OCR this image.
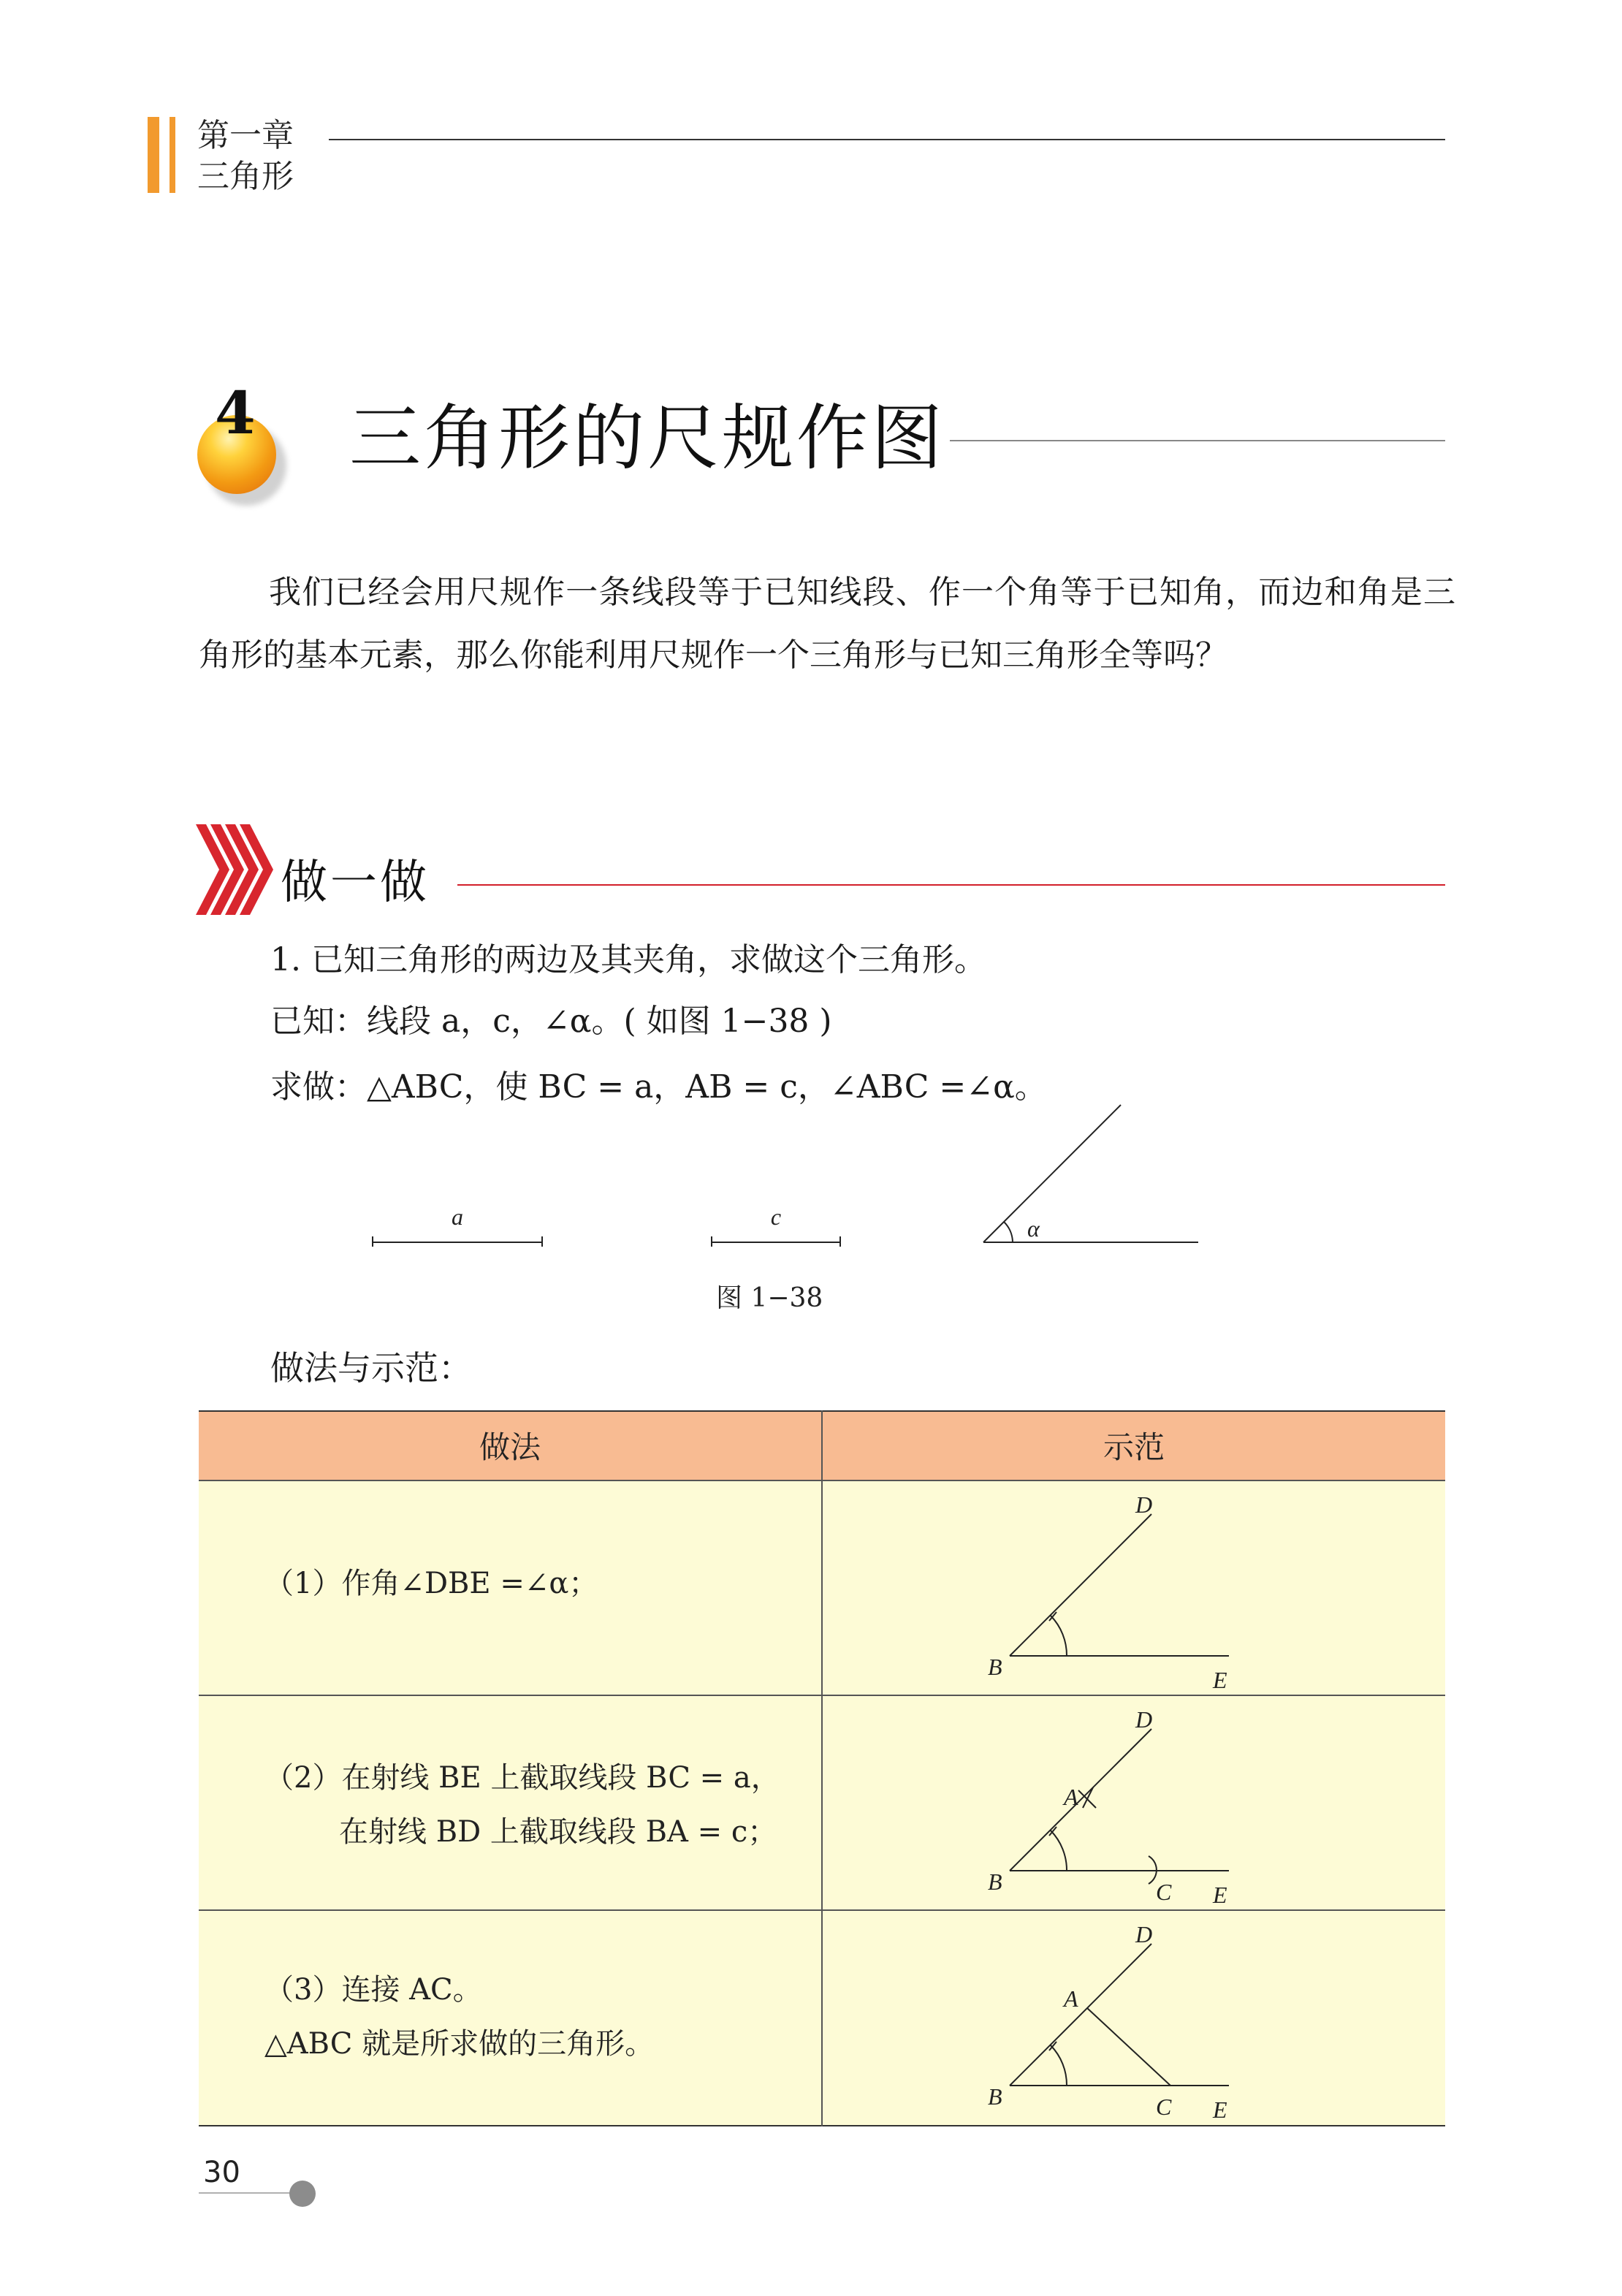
第一章
三角形
4 三角形的尺规作图

我们已经会用尺规作一条线段等于已知线段、作一个角等于已知角，而边和角是三角形的基本元素，那么你能利用尺规作一个三角形与已知三角形全等吗？

做一做
1. 已知三角形的两边及其夹角，求做这个三角形。
已知：线段 a，c，∠α。( 如图 1−38 )
求做：△ABC，使 BC = a，AB = c，∠ABC =∠α。
a	c	α
图 1−38
做法与示范：
做法	示范
（1）作角∠DBE =∠α；
（2）在射线 BE 上截取线段 BC = a，
在射线 BD 上截取线段 BA = c；
（3）连接 AC。
△ABC 就是所求做的三角形。
B
D
E
B
D
E
A
C
B
D
E
A
C
30
